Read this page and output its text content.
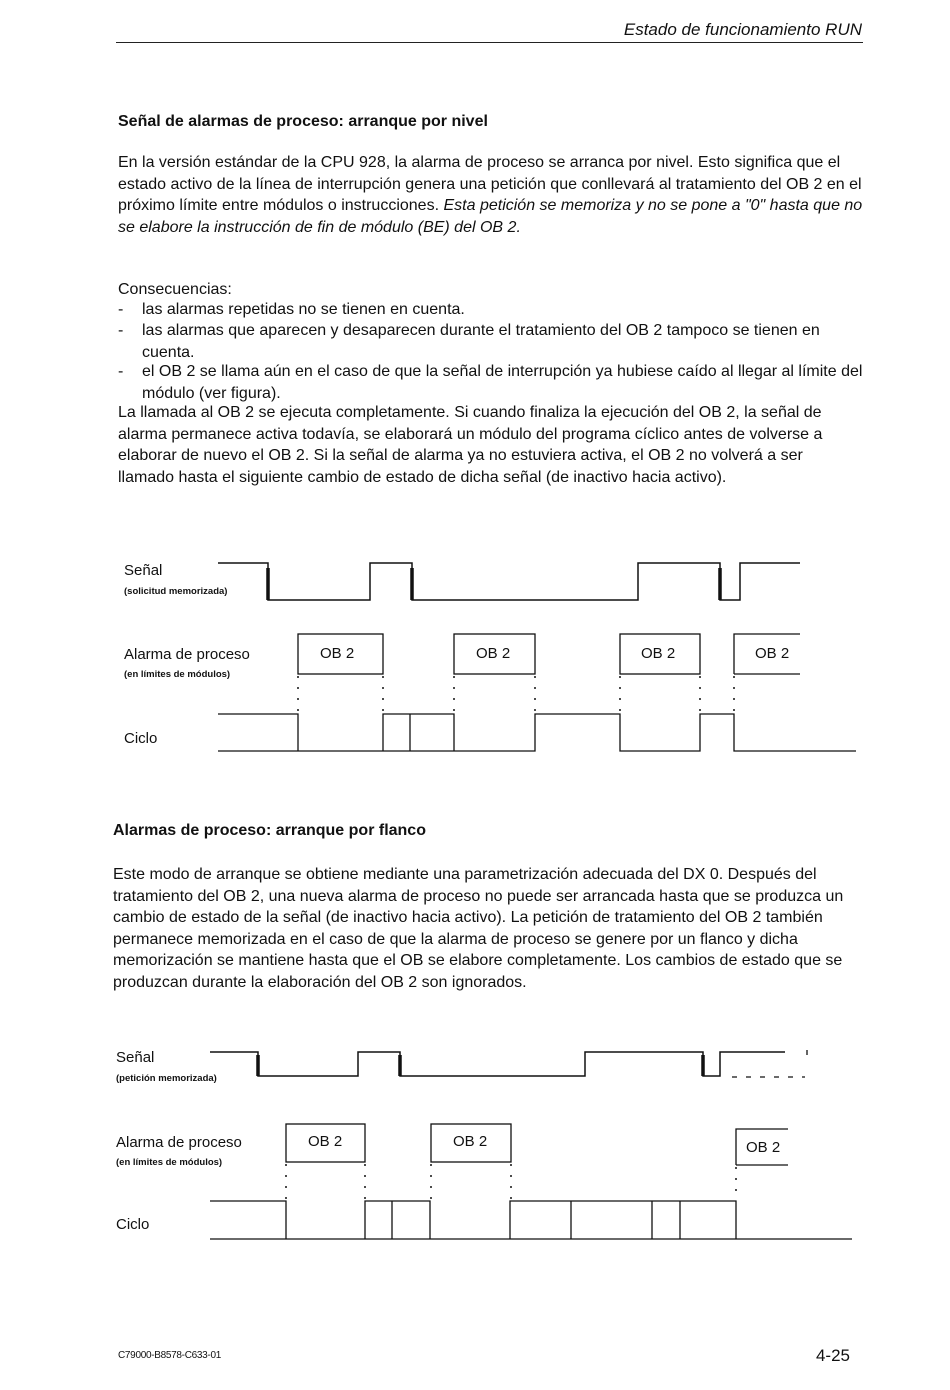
Estado de funcionamiento RUN
Señal de alarmas de proceso: arranque por nivel

En la versión estándar de la CPU 928, la alarma de proceso se arranca por nivel. Esto significa que el estado activo de la línea de interrupción genera una petición que conllevará al tratamiento del OB 2 en el próximo límite entre módulos o instrucciones. Esta petición se memoriza y no se pone a "0" hasta que no se elabore la instrucción de fin de módulo (BE) del OB 2.

Consecuencias:
- las alarmas repetidas no se tienen en cuenta.
- las alarmas que aparecen y desaparecen durante el tratamiento del OB 2 tampoco se tienen en cuenta.
- el OB 2 se llama aún en el caso de que la señal de interrupción ya hubiese caído al llegar al límite del módulo (ver figura).

La llamada al OB 2 se ejecuta completamente. Si cuando finaliza la ejecución del OB 2, la señal de alarma permanece activa todavía, se elaborará un módulo del programa cíclico antes de volverse a elaborar de nuevo el OB 2. Si la señal de alarma ya no estuviera activa, el OB 2 no volverá a ser llamado hasta el siguiente cambio de estado de dicha señal (de inactivo hacia activo).

Señal
(solicitud memorizada)
Alarma de proceso
(en límites de módulos)
Ciclo
OB 2	OB 2	OB 2	OB 2
Alarmas de proceso: arranque por flanco

Este modo de arranque se obtiene mediante una parametrización adecuada del DX 0. Después del tratamiento del OB 2, una nueva alarma de proceso no puede ser arrancada hasta que se produzca un cambio de estado de la señal (de inactivo hacia activo). La petición de tratamiento del OB 2 también permanece memorizada en el caso de que la alarma de proceso se genere por un flanco y dicha memorización se mantiene hasta que el OB se elabore completamente. Los cambios de estado que se produzcan durante la elaboración del OB 2 son ignorados.

Señal
(petición memorizada)
Alarma de proceso
(en límites de módulos)
Ciclo
OB 2	OB 2	OB 2
C79000-B8578-C633-01	4-25
